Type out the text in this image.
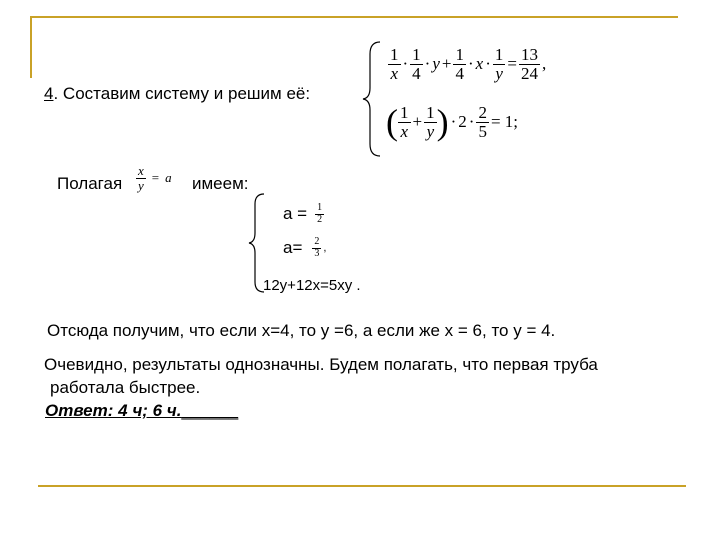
4. Составим систему и решим её:
$\frac{1}{x} \cdot \frac{1}{4} \cdot y + \frac{1}{4} \cdot x \cdot \frac{1}{y} = \frac{13}{24}$ ,
( $\frac{1}{x} + \frac{1}{y}$ ) · $2 \cdot \frac{2}{5} = 1$;
Полагая $\frac{x}{y} = a$ имеем:
$a = \frac{1}{2}$
$a= \frac{2}{3}$ ,
12y+12x=5xy .
Отсюда получим, что если x=4, то y =6, а если же x = 6, то y = 4.
Очевидно, результаты однозначны. Будем полагать, что первая труба
работала быстрее.
Ответ: 4 ч; 6 ч.______
